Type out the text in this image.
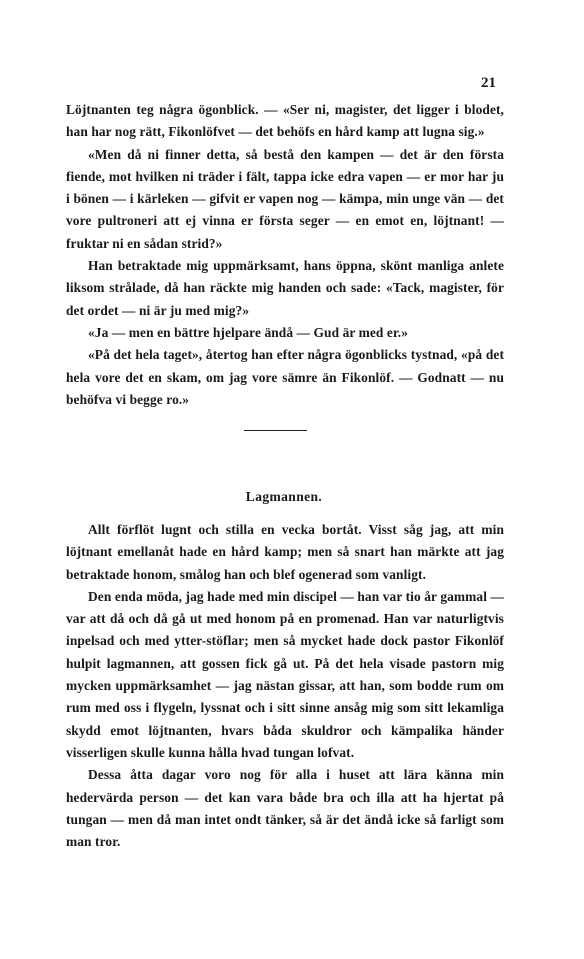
21

Löjtnanten teg några ögonblick. — «Ser ni, magister, det ligger i blodet, han har nog rätt, Fikonlöfvet — det behöfs en hård kamp att lugna sig.»

«Men då ni finner detta, så bestå den kampen — det är den första fiende, mot hvilken ni träder i fält, tappa icke edra vapen — er mor har ju i bönen — i kärleken — gifvit er vapen nog — kämpa, min unge vän — det vore pultroneri att ej vinna er första seger — en emot en, löjtnant! — fruktar ni en sådan strid?»

Han betraktade mig uppmärksamt, hans öppna, skönt manliga anlete liksom strålade, då han räckte mig handen och sade: «Tack, magister, för det ordet — ni är ju med mig?»

«Ja — men en bättre hjelpare ändå — Gud är med er.»

«På det hela taget», återtog han efter några ögonblicks tystnad, «på det hela vore det en skam, om jag vore sämre än Fikonlöf. — Godnatt — nu behöfva vi begge ro.»

Lagmannen.

Allt förflöt lugnt och stilla en vecka bortåt. Visst såg jag, att min löjtnant emellanåt hade en hård kamp; men så snart han märkte att jag betraktade honom, smålog han och blef ogenerad som vanligt.

Den enda möda, jag hade med min discipel — han var tio år gammal — var att då och då gå ut med honom på en promenad. Han var naturligtvis inpelsad och med ytter-stöflar; men så mycket hade dock pastor Fikonlöf hulpit lagmannen, att gossen fick gå ut. På det hela visade pastorn mig mycken uppmärksamhet — jag nästan gissar, att han, som bodde rum om rum med oss i flygeln, lyssnat och i sitt sinne ansåg mig som sitt lekamliga skydd emot löjtnanten, hvars båda skuldror och kämpalika händer visserligen skulle kunna hålla hvad tungan lofvat.

Dessa åtta dagar voro nog för alla i huset att lära känna min hedervärda person — det kan vara både bra och illa att ha hjertat på tungan — men då man intet ondt tänker, så är det ändå icke så farligt som man tror.
